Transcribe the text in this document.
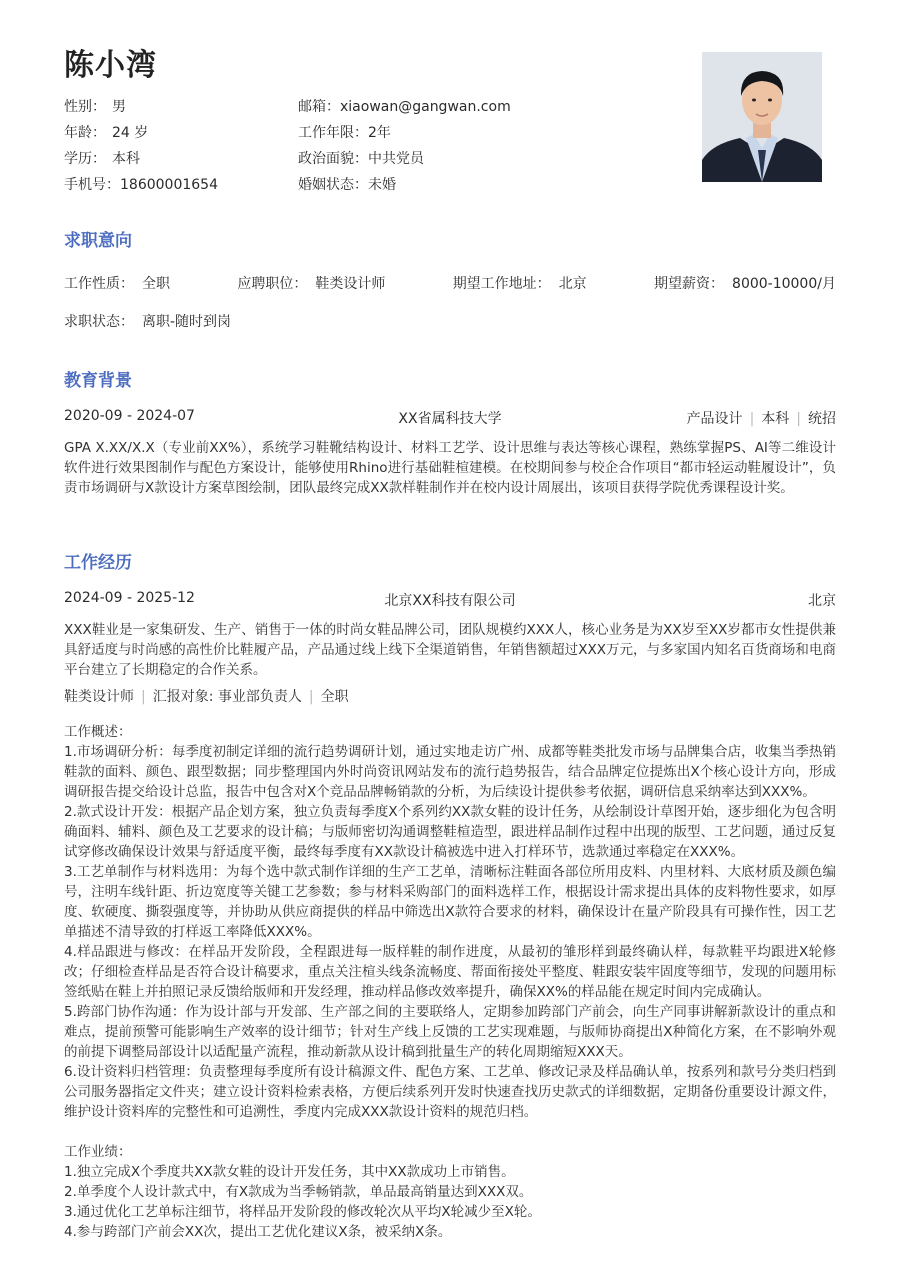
陈小湾
性别： 男	邮箱：xiaowan@gangwan.com
年龄： 24 岁	工作年限：2年
学历： 本科	政治面貌：中共党员
手机号：18600001654	婚姻状态：未婚
求职意向
工作性质： 全职	应聘职位： 鞋类设计师	期望工作地址： 北京	期望薪资： 8000-10000/月
求职状态： 离职-随时到岗
教育背景
2020-09 - 2024-07	XX省属科技大学	产品设计 | 本科 | 统招
GPA X.XX/X.X（专业前XX%），系统学习鞋靴结构设计、材料工艺学、设计思维与表达等核心课程，熟练掌握PS、AI等二维设计软件进行效果图制作与配色方案设计，能够使用Rhino进行基础鞋楦建模。在校期间参与校企合作项目“都市轻运动鞋履设计”，负责市场调研与X款设计方案草图绘制，团队最终完成XX款样鞋制作并在校内设计周展出，该项目获得学院优秀课程设计奖。
工作经历
2024-09 - 2025-12	北京XX科技有限公司	北京
XXX鞋业是一家集研发、生产、销售于一体的时尚女鞋品牌公司，团队规模约XXX人，核心业务是为XX岁至XX岁都市女性提供兼具舒适度与时尚感的高性价比鞋履产品，产品通过线上线下全渠道销售，年销售额超过XXX万元，与多家国内知名百货商场和电商平台建立了长期稳定的合作关系。
鞋类设计师 | 汇报对象: 事业部负责人 | 全职
工作概述：
1.市场调研分析：每季度初制定详细的流行趋势调研计划，通过实地走访广州、成都等鞋类批发市场与品牌集合店，收集当季热销鞋款的面料、颜色、跟型数据；同步整理国内外时尚资讯网站发布的流行趋势报告，结合品牌定位提炼出X个核心设计方向，形成调研报告提交给设计总监，报告中包含对X个竞品品牌畅销款的分析，为后续设计提供参考依据，调研信息采纳率达到XXX%。
2.款式设计开发：根据产品企划方案，独立负责每季度X个系列约XX款女鞋的设计任务，从绘制设计草图开始，逐步细化为包含明确面料、辅料、颜色及工艺要求的设计稿；与版师密切沟通调整鞋楦造型，跟进样品制作过程中出现的版型、工艺问题，通过反复试穿修改确保设计效果与舒适度平衡，最终每季度有XX款设计稿被选中进入打样环节，选款通过率稳定在XXX%。
3.工艺单制作与材料选用：为每个选中款式制作详细的生产工艺单，清晰标注鞋面各部位所用皮料、内里材料、大底材质及颜色编号，注明车线针距、折边宽度等关键工艺参数；参与材料采购部门的面料选样工作，根据设计需求提出具体的皮料物性要求，如厚度、软硬度、撕裂强度等，并协助从供应商提供的样品中筛选出X款符合要求的材料，确保设计在量产阶段具有可操作性，因工艺单描述不清导致的打样返工率降低XXX%。
4.样品跟进与修改：在样品开发阶段，全程跟进每一版样鞋的制作进度，从最初的雏形样到最终确认样，每款鞋平均跟进X轮修改；仔细检查样品是否符合设计稿要求，重点关注楦头线条流畅度、帮面衔接处平整度、鞋跟安装牢固度等细节，发现的问题用标签纸贴在鞋上并拍照记录反馈给版师和开发经理，推动样品修改效率提升，确保XX%的样品能在规定时间内完成确认。
5.跨部门协作沟通：作为设计部与开发部、生产部之间的主要联络人，定期参加跨部门产前会，向生产同事讲解新款设计的重点和难点，提前预警可能影响生产效率的设计细节；针对生产线上反馈的工艺实现难题，与版师协商提出X种简化方案，在不影响外观的前提下调整局部设计以适配量产流程，推动新款从设计稿到批量生产的转化周期缩短XXX天。
6.设计资料归档管理：负责整理每季度所有设计稿源文件、配色方案、工艺单、修改记录及样品确认单，按系列和款号分类归档到公司服务器指定文件夹；建立设计资料检索表格，方便后续系列开发时快速查找历史款式的详细数据，定期备份重要设计源文件，维护设计资料库的完整性和可追溯性，季度内完成XXX款设计资料的规范归档。
工作业绩：
1.独立完成X个季度共XX款女鞋的设计开发任务，其中XX款成功上市销售。
2.单季度个人设计款式中，有X款成为当季畅销款，单品最高销量达到XXX双。
3.通过优化工艺单标注细节，将样品开发阶段的修改轮次从平均X轮减少至X轮。
4.参与跨部门产前会XX次，提出工艺优化建议X条，被采纳X条。
